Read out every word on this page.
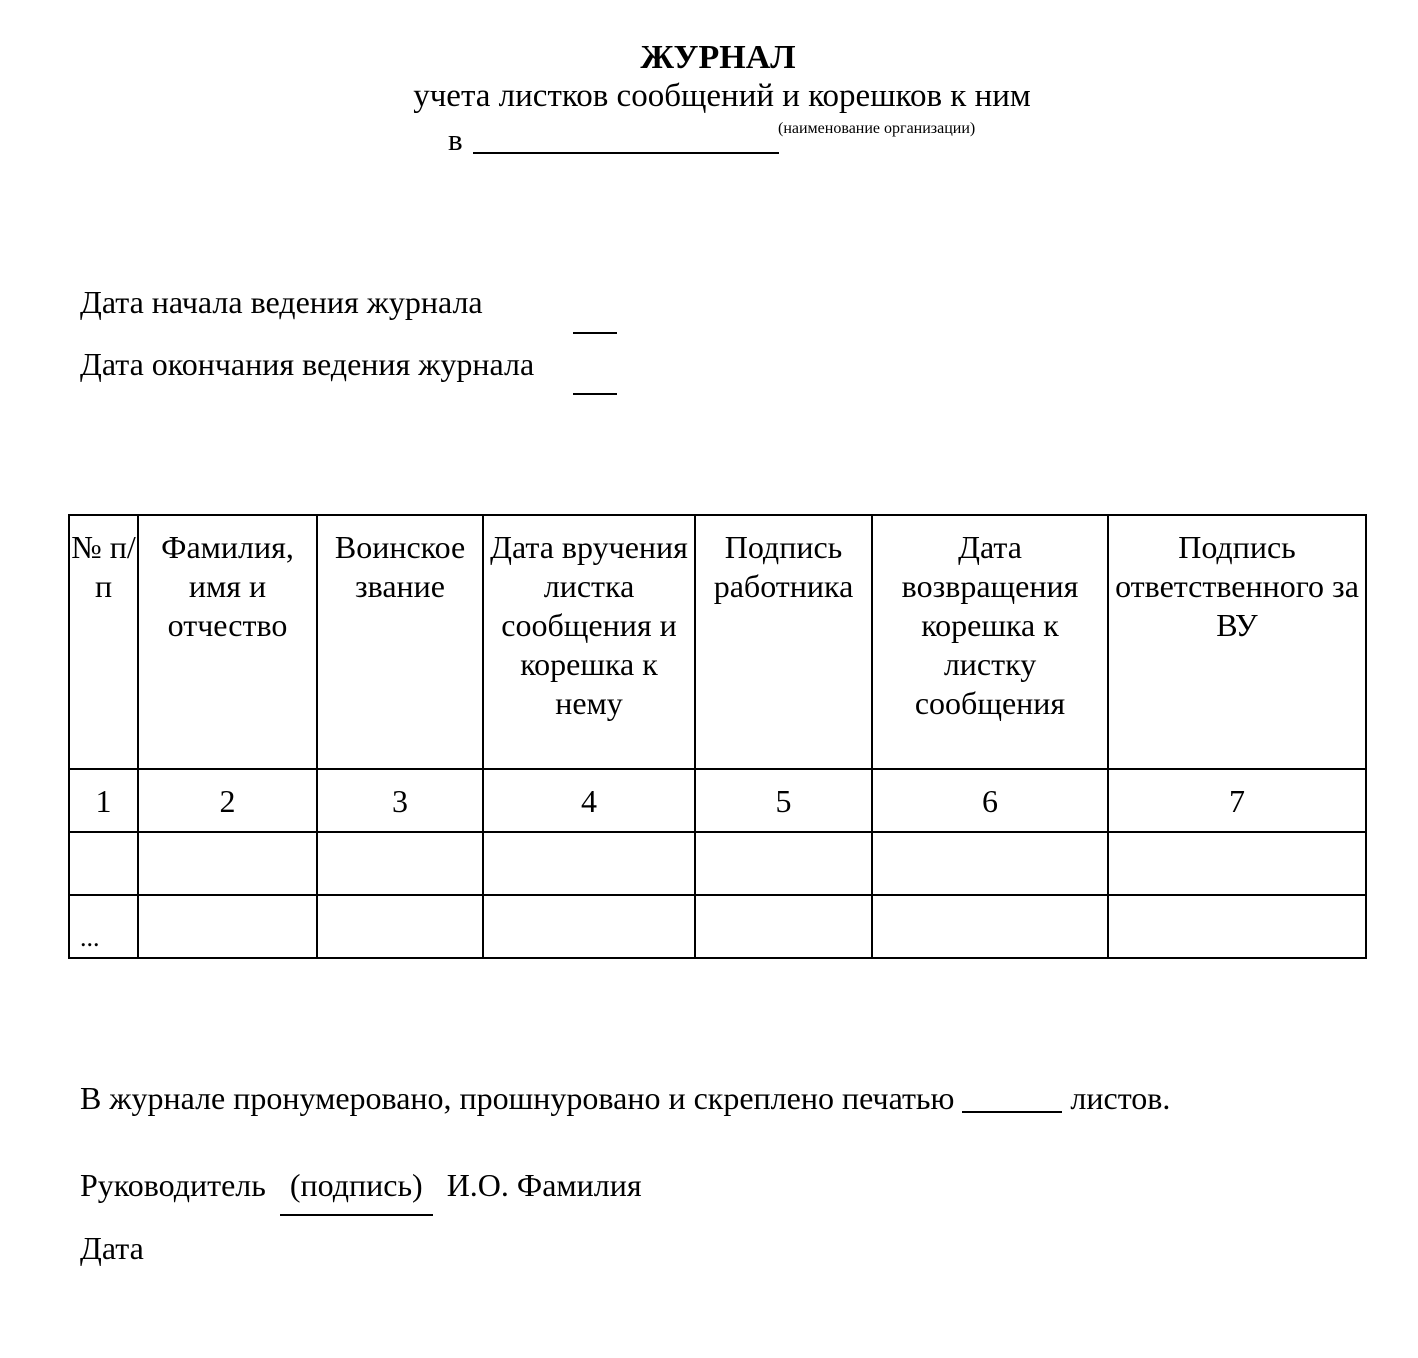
ЖУРНАЛ
учета листков сообщений и корешков к ним
в	(наименование организации)
Дата начала ведения журнала
Дата окончания ведения журнала
№ п/п	Фамилия, имя и отчество	Воинское звание	Дата вручения листка сообщения и корешка к нему	Подпись работника	Дата возвращения корешка к листку сообщения	Подпись ответственного за ВУ
1	2	3	4	5	6	7

...						
В журнале пронумеровано, прошнуровано и скреплено печатью	листов.
Руководитель (подпись) И.О. Фамилия
Дата
